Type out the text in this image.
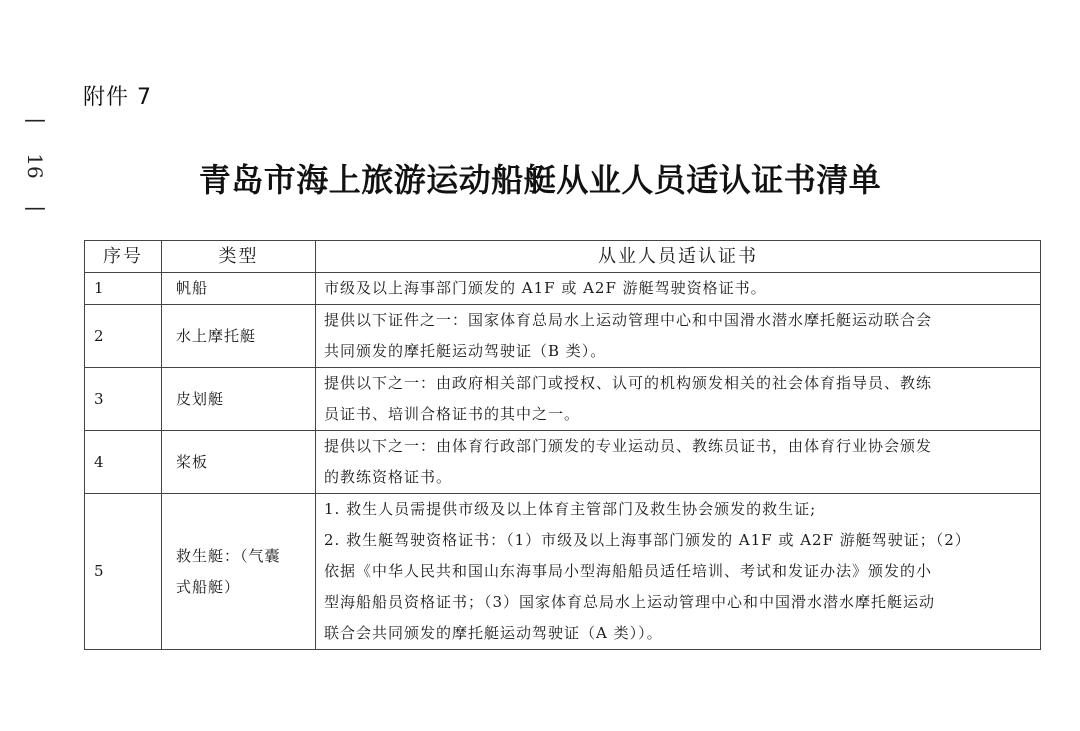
附件 7
—
16
—
青岛市海上旅游运动船艇从业人员适认证书清单
序号	类型	从业人员适认证书
1	帆船	市级及以上海事部门颁发的 A1F 或 A2F 游艇驾驶资格证书。

2	水上摩托艇	提供以下证件之一：国家体育总局水上运动管理中心和中国滑水潜水摩托艇运动联合会
共同颁发的摩托艇运动驾驶证（B 类）。

3	皮划艇	提供以下之一：由政府相关部门或授权、认可的机构颁发相关的社会体育指导员、教练
员证书、培训合格证书的其中之一。

4	桨板	提供以下之一：由体育行政部门颁发的专业运动员、教练员证书，由体育行业协会颁发
的教练资格证书。

5	救生艇：（气囊
式船艇）	1. 救生人员需提供市级及以上体育主管部门及救生协会颁发的救生证;
2. 救生艇驾驶资格证书：（1）市级及以上海事部门颁发的 A1F 或 A2F 游艇驾驶证；（2）
依据《中华人民共和国山东海事局小型海船船员适任培训、考试和发证办法》颁发的小
型海船船员资格证书；（3）国家体育总局水上运动管理中心和中国滑水潜水摩托艇运动
联合会共同颁发的摩托艇运动驾驶证（A 类））。
